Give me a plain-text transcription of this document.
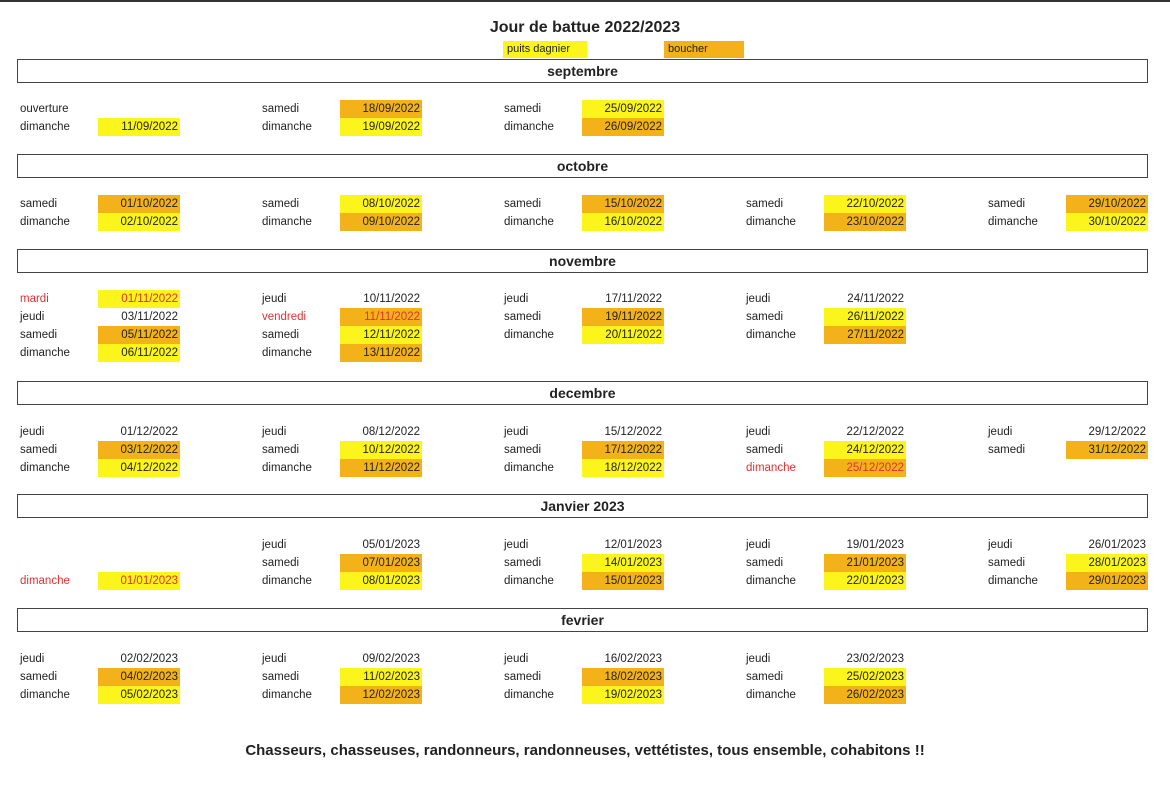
Jour de battue 2022/2023
puits dagnier	boucher
septembre
ouverture
dimanche	11/09/2022
samedi	18/09/2022
dimanche	19/09/2022
samedi	25/09/2022
dimanche	26/09/2022
octobre
samedi	01/10/2022
dimanche	02/10/2022
samedi	08/10/2022
dimanche	09/10/2022
samedi	15/10/2022
dimanche	16/10/2022
samedi	22/10/2022
dimanche	23/10/2022
samedi	29/10/2022
dimanche	30/10/2022
novembre
mardi	01/11/2022
jeudi	03/11/2022
samedi	05/11/2022
dimanche	06/11/2022
jeudi	10/11/2022
vendredi	11/11/2022
samedi	12/11/2022
dimanche	13/11/2022
jeudi	17/11/2022
samedi	19/11/2022
dimanche	20/11/2022
jeudi	24/11/2022
samedi	26/11/2022
dimanche	27/11/2022
decembre
jeudi	01/12/2022
samedi	03/12/2022
dimanche	04/12/2022
jeudi	08/12/2022
samedi	10/12/2022
dimanche	11/12/2022
jeudi	15/12/2022
samedi	17/12/2022
dimanche	18/12/2022
jeudi	22/12/2022
samedi	24/12/2022
dimanche	25/12/2022
jeudi	29/12/2022
samedi	31/12/2022
Janvier 2023
dimanche	01/01/2023
jeudi	05/01/2023
samedi	07/01/2023
dimanche	08/01/2023
jeudi	12/01/2023
samedi	14/01/2023
dimanche	15/01/2023
jeudi	19/01/2023
samedi	21/01/2023
dimanche	22/01/2023
jeudi	26/01/2023
samedi	28/01/2023
dimanche	29/01/2023
fevrier
jeudi	02/02/2023
samedi	04/02/2023
dimanche	05/02/2023
jeudi	09/02/2023
samedi	11/02/2023
dimanche	12/02/2023
jeudi	16/02/2023
samedi	18/02/2023
dimanche	19/02/2023
jeudi	23/02/2023
samedi	25/02/2023
dimanche	26/02/2023
Chasseurs, chasseuses, randonneurs, randonneuses, vettétistes, tous ensemble, cohabitons !!
